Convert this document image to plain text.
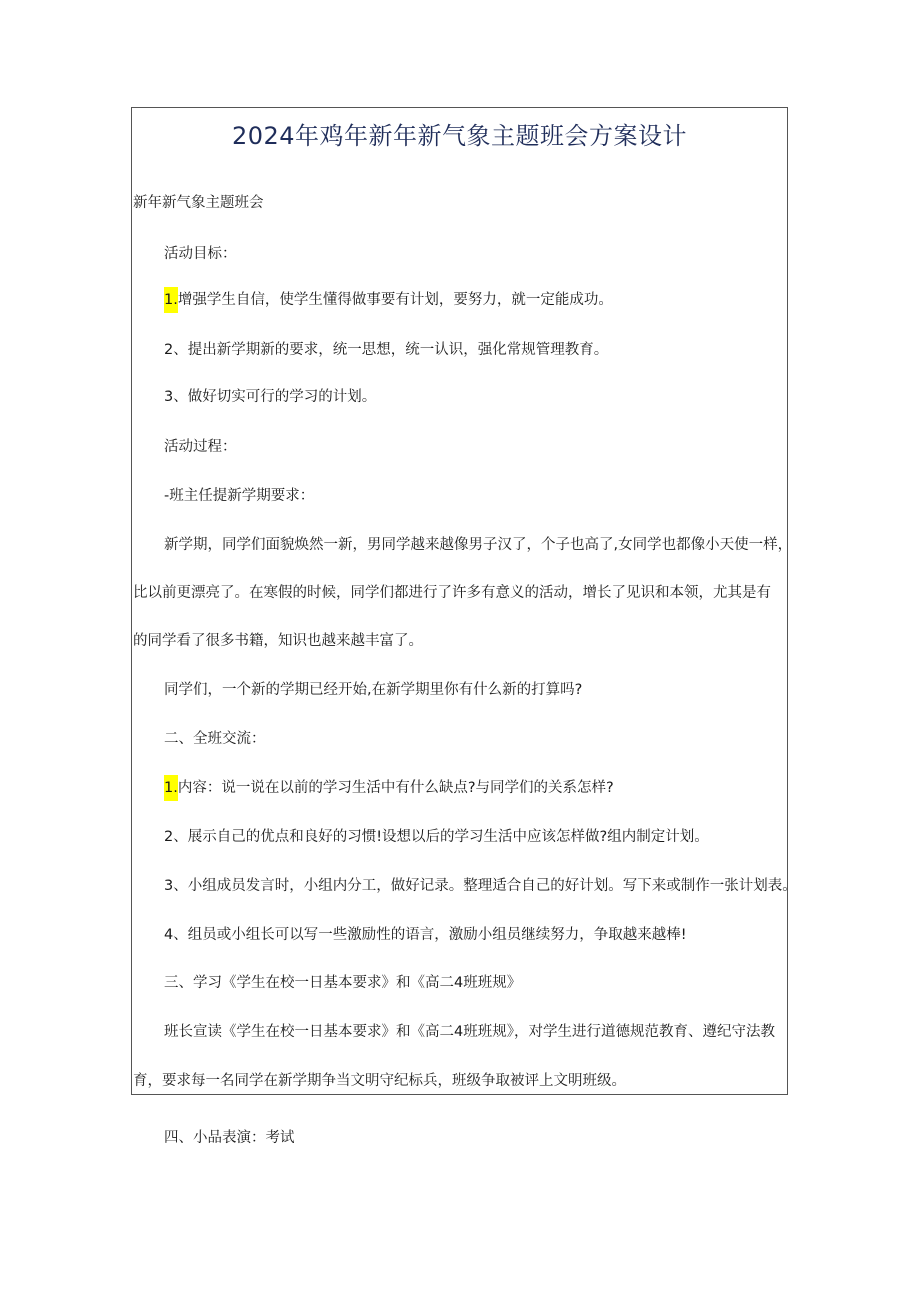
2024年鸡年新年新气象主题班会方案设计
新年新气象主题班会
活动目标：
1.增强学生自信，使学生懂得做事要有计划，要努力，就一定能成功。
2、提出新学期新的要求，统一思想，统一认识，强化常规管理教育。
3、做好切实可行的学习的计划。
活动过程：
-班主任提新学期要求：
新学期，同学们面貌焕然一新，男同学越来越像男子汉了，个子也高了,女同学也都像小天使一样，
比以前更漂亮了。在寒假的时候，同学们都进行了许多有意义的活动，增长了见识和本领，尤其是有
的同学看了很多书籍，知识也越来越丰富了。
同学们，一个新的学期已经开始,在新学期里你有什么新的打算吗?
二、全班交流：
1.内容：说一说在以前的学习生活中有什么缺点?与同学们的关系怎样?
2、展示自己的优点和良好的习惯!设想以后的学习生活中应该怎样做?组内制定计划。
3、小组成员发言时，小组内分工，做好记录。整理适合自己的好计划。写下来或制作一张计划表。
4、组员或小组长可以写一些激励性的语言，激励小组员继续努力，争取越来越棒!
三、学习《学生在校一日基本要求》和《高二4班班规》
班长宣读《学生在校一日基本要求》和《高二4班班规》，对学生进行道德规范教育、遵纪守法教
育，要求每一名同学在新学期争当文明守纪标兵，班级争取被评上文明班级。
四、小品表演：考试
